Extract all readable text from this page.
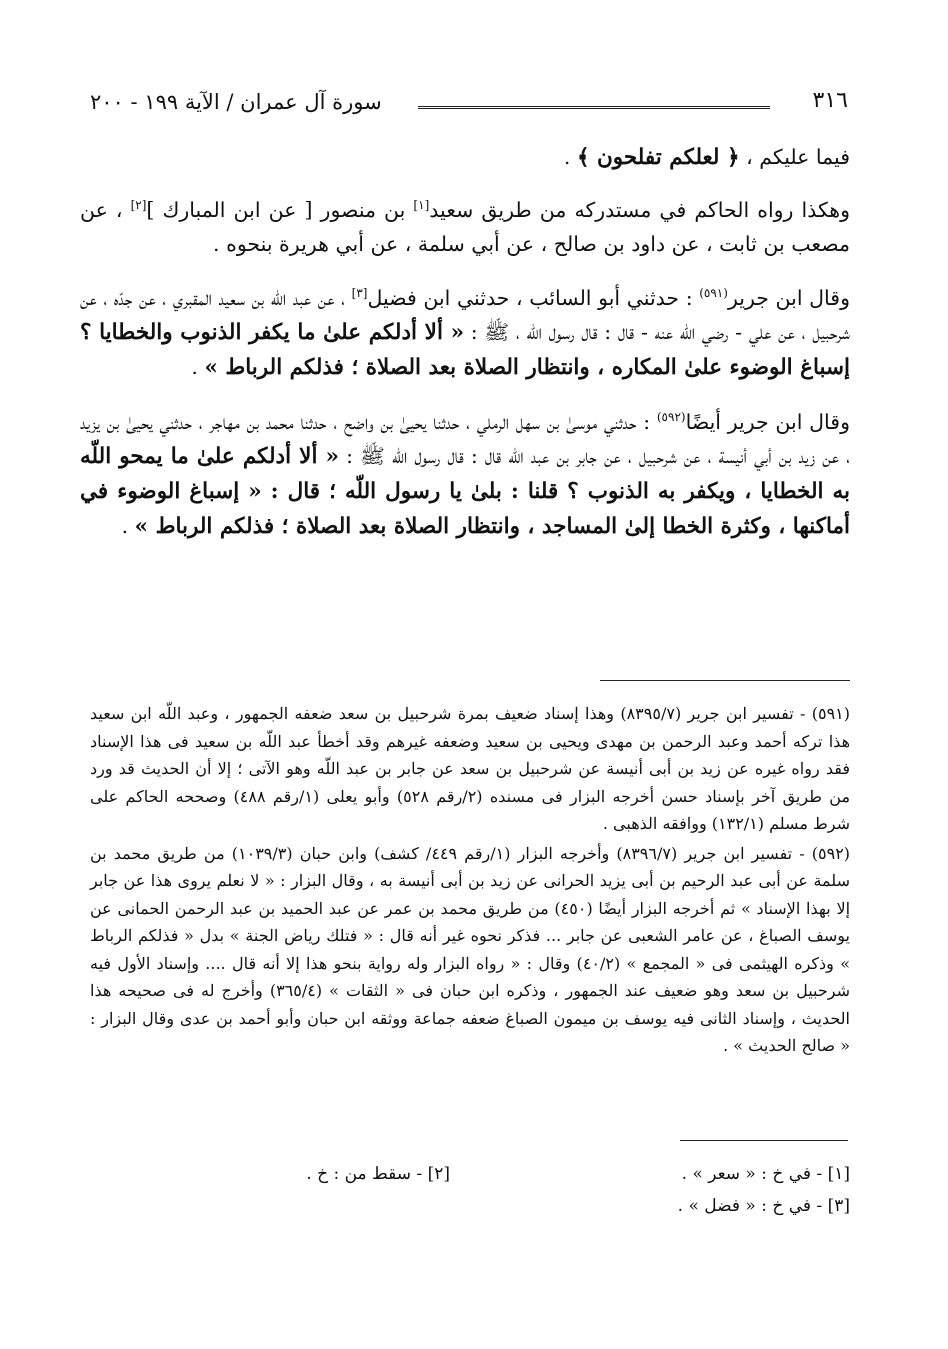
٣١٦
سورة آل عمران / الآية ١٩٩ - ٢٠٠

فيما عليكم ، ﴿ لعلكم تفلحون ﴾ .

وهكذا رواه الحاكم في مستدركه من طريق سعيد[١] بن منصور [ عن ابن المبارك ][٢] ، عن مصعب بن ثابت ، عن داود بن صالح ، عن أبي سلمة ، عن أبي هريرة بنحوه .

وقال ابن جرير$^{(٥٩١)}$ : حدثني أبو السائب ، حدثني ابن فضيل[٣] ، عن عبد اللّه بن سعيد المقبري ، عن جدّه ، عن شرحبيل ، عن علي - رضي اللّه عنه - قال : قال رسول اللّه ، ﷺ : « ألا أدلكم علىٰ ما يكفر الذنوب والخطايا ؟ إسباغ الوضوء علىٰ المكاره ، وانتظار الصلاة بعد الصلاة ؛ فذلكم الرباط » .

وقال ابن جرير أيضًا$^{(٥٩٢)}$ : حدثني موسىٰ بن سهل الرملي ، حدثنا يحيىٰ بن واضح ، حدثنا محمد بن مهاجر ، حدثني يحيىٰ بن يزيد ، عن زيد بن أبي أنيسة ، عن شرحبيل ، عن جابر بن عبد اللّه قال : قال رسول اللّه ﷺ : « ألا أدلكم علىٰ ما يمحو اللّه به الخطايا ، ويكفر به الذنوب ؟ قلنا : بلىٰ يا رسول اللّه ؛ قال : « إسباغ الوضوء في أماكنها ، وكثرة الخطا إلىٰ المساجد ، وانتظار الصلاة بعد الصلاة ؛ فذلكم الرباط » .

(٥٩١) - تفسير ابن جرير (٨٣٩٥/٧) وهذا إسناد ضعيف بمرة شرحبيل بن سعد ضعفه الجمهور ، وعبد اللّه ابن سعيد هذا تركه أحمد وعبد الرحمن بن مهدى ويحيى بن سعيد وضعفه غيرهم وقد أخطأ عبد اللّه بن سعيد فى هذا الإسناد فقد رواه غيره عن زيد بن أبى أنيسة عن شرحبيل بن سعد عن جابر بن عبد اللّه وهو الآتى ؛ إلا أن الحديث قد ورد من طريق آخر بإسناد حسن أخرجه البزار فى مسنده (٢/رقم ٥٢٨) وأبو يعلى (١/رقم ٤٨٨) وصححه الحاكم على شرط مسلم (١٣٢/١) ووافقه الذهبى .

(٥٩٢) - تفسير ابن جرير (٨٣٩٦/٧) وأخرجه البزار (١/رقم ٤٤٩/ كشف) وابن حبان (١٠٣٩/٣) من طريق محمد بن سلمة عن أبى عبد الرحيم بن أبى يزيد الحرانى عن زيد بن أبى أنيسة به ، وقال البزار : « لا نعلم يروى هذا عن جابر إلا بهذا الإسناد » ثم أخرجه البزار أيضًا (٤٥٠) من طريق محمد بن عمر عن عبد الحميد بن عبد الرحمن الحمانى عن يوسف الصباغ ، عن عامر الشعبى عن جابر ... فذكر نحوه غير أنه قال : « فتلك رياض الجنة » بدل « فذلكم الرباط » وذكره الهيثمى فى « المجمع » (٤٠/٢) وقال : « رواه البزار وله رواية بنحو هذا إلا أنه قال .... وإسناد الأول فيه شرحبيل بن سعد وهو ضعيف عند الجمهور ، وذكره ابن حبان فى « الثقات » (٣٦٥/٤) وأخرج له فى صحيحه هذا الحديث ، وإسناد الثانى فيه يوسف بن ميمون الصباغ ضعفه جماعة ووثقه ابن حبان وأبو أحمد بن عدى وقال البزار : « صالح الحديث » .

[١] - في خ : « سعر » .
[٢] - سقط من : خ .
[٣] - في خ : « فضل » .
